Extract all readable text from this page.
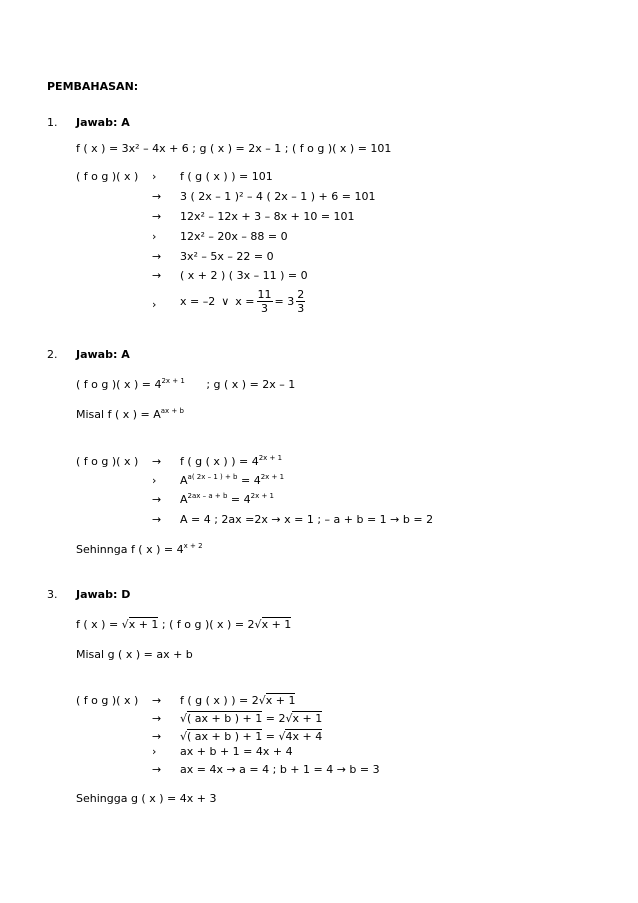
PEMBAHASAN:
1. Jawab: A
f ( x ) = 3x² – 4x + 6 ; g ( x ) = 2x – 1 ; ( f o g )( x ) = 101
( f o g )( x ) ›	f ( g ( x ) ) = 101
→	3 ( 2x – 1 )² – 4 ( 2x – 1 ) + 6 = 101
→	12x² – 12x + 3 – 8x + 10 = 101
›	12x² – 20x – 88 = 0
→	3x² – 5x – 22 = 0
→	( x + 2 ) ( 3x – 11 ) = 0
›	x = –2 ∨ $x = \frac{11}{3} = 3 \frac{2}{3}$
2. Jawab: A
( f o g )( x ) = $4^{2x + 1}$ ; g ( x ) = 2x – 1
Misal f ( x ) = $A^{ax + b}$
( f o g )( x ) →	f ( g ( x ) ) = $4^{2x + 1}$
›	$A^{a( 2x - 1 ) + b} = 4^{2x + 1}$
→	$A^{2ax - a + b} = 4^{2x + 1}$
→	A = 4 ; 2ax =2x → x = 1 ; – a + b = 1 → b = 2
Sehinnga f ( x ) = $4^{x + 2}$
3. Jawab: D
f ( x ) = √x + 1 ; ( f o g )( x ) = 2√x + 1
Misal g ( x ) = ax + b
( f o g )( x ) →	f ( g ( x ) ) = 2√x + 1
→	√( ax + b ) + 1 = 2√x + 1
→	√( ax + b ) + 1 = √4x + 4
›	ax + b + 1 = 4x + 4
→	ax = 4x → a = 4 ; b + 1 = 4 → b = 3
Sehingga g ( x ) = 4x + 3
